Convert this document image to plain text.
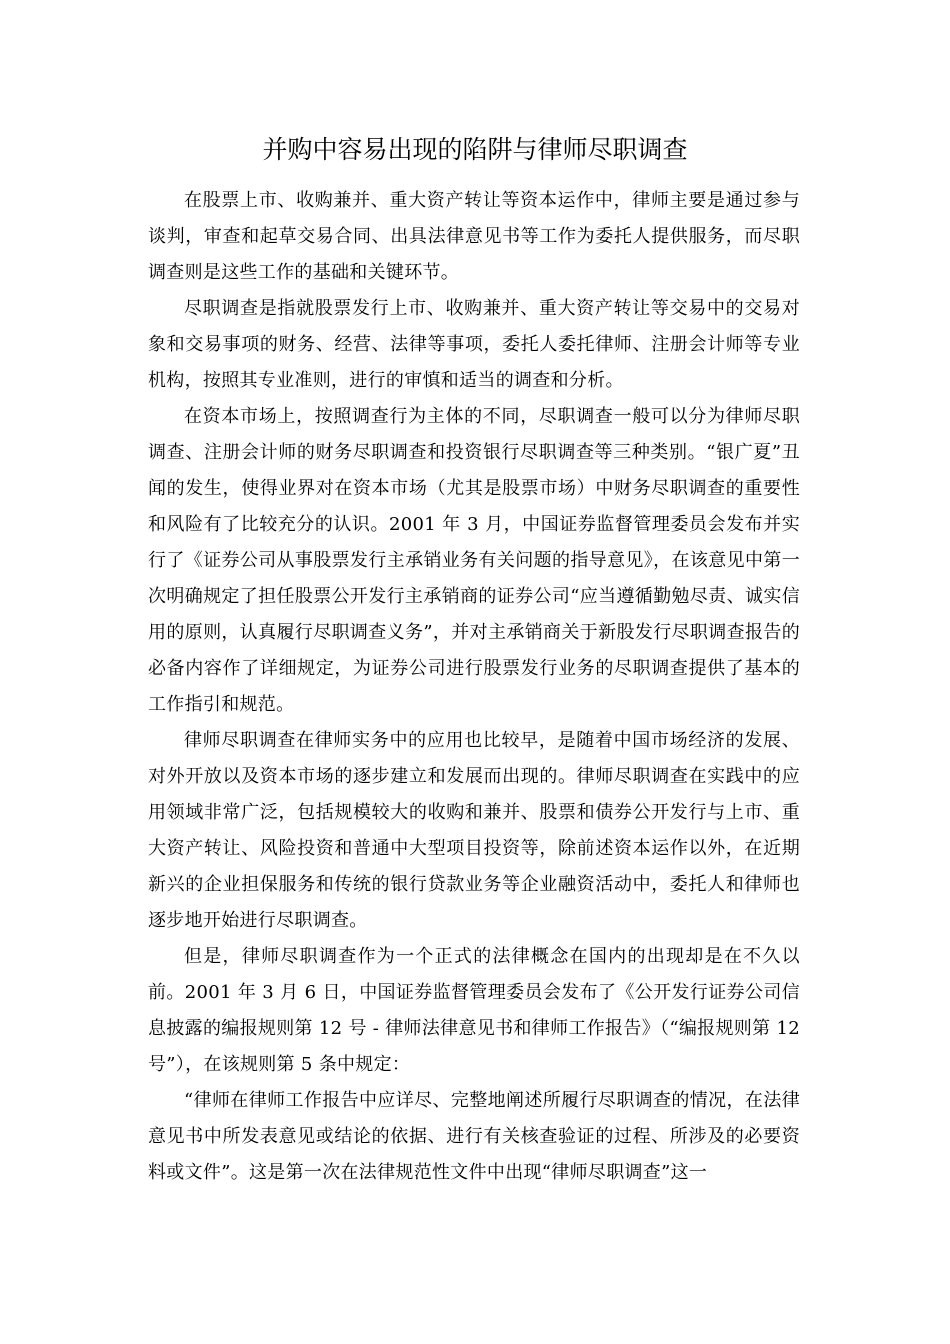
并购中容易出现的陷阱与律师尽职调查

在股票上市、收购兼并、重大资产转让等资本运作中，律师主要是通过参与谈判，审查和起草交易合同、出具法律意见书等工作为委托人提供服务，而尽职调查则是这些工作的基础和关键环节。

尽职调查是指就股票发行上市、收购兼并、重大资产转让等交易中的交易对象和交易事项的财务、经营、法律等事项，委托人委托律师、注册会计师等专业机构，按照其专业准则，进行的审慎和适当的调查和分析。

在资本市场上，按照调查行为主体的不同，尽职调查一般可以分为律师尽职调查、注册会计师的财务尽职调查和投资银行尽职调查等三种类别。“银广夏”丑闻的发生，使得业界对在资本市场（尤其是股票市场）中财务尽职调查的重要性和风险有了比较充分的认识。2001 年 3 月，中国证券监督管理委员会发布并实行了《证券公司从事股票发行主承销业务有关问题的指导意见》，在该意见中第一次明确规定了担任股票公开发行主承销商的证券公司“应当遵循勤勉尽责、诚实信用的原则，认真履行尽职调查义务”，并对主承销商关于新股发行尽职调查报告的必备内容作了详细规定，为证券公司进行股票发行业务的尽职调查提供了基本的工作指引和规范。

律师尽职调查在律师实务中的应用也比较早，是随着中国市场经济的发展、对外开放以及资本市场的逐步建立和发展而出现的。律师尽职调查在实践中的应用领域非常广泛，包括规模较大的收购和兼并、股票和债券公开发行与上市、重大资产转让、风险投资和普通中大型项目投资等，除前述资本运作以外，在近期新兴的企业担保服务和传统的银行贷款业务等企业融资活动中，委托人和律师也逐步地开始进行尽职调查。

但是，律师尽职调查作为一个正式的法律概念在国内的出现却是在不久以前。2001 年 3 月 6 日，中国证券监督管理委员会发布了《公开发行证券公司信息披露的编报规则第 12 号 - 律师法律意见书和律师工作报告》（“编报规则第 12 号”），在该规则第 5 条中规定：

“律师在律师工作报告中应详尽、完整地阐述所履行尽职调查的情况，在法律意见书中所发表意见或结论的依据、进行有关核查验证的过程、所涉及的必要资料或文件”。这是第一次在法律规范性文件中出现“律师尽职调查”这一
